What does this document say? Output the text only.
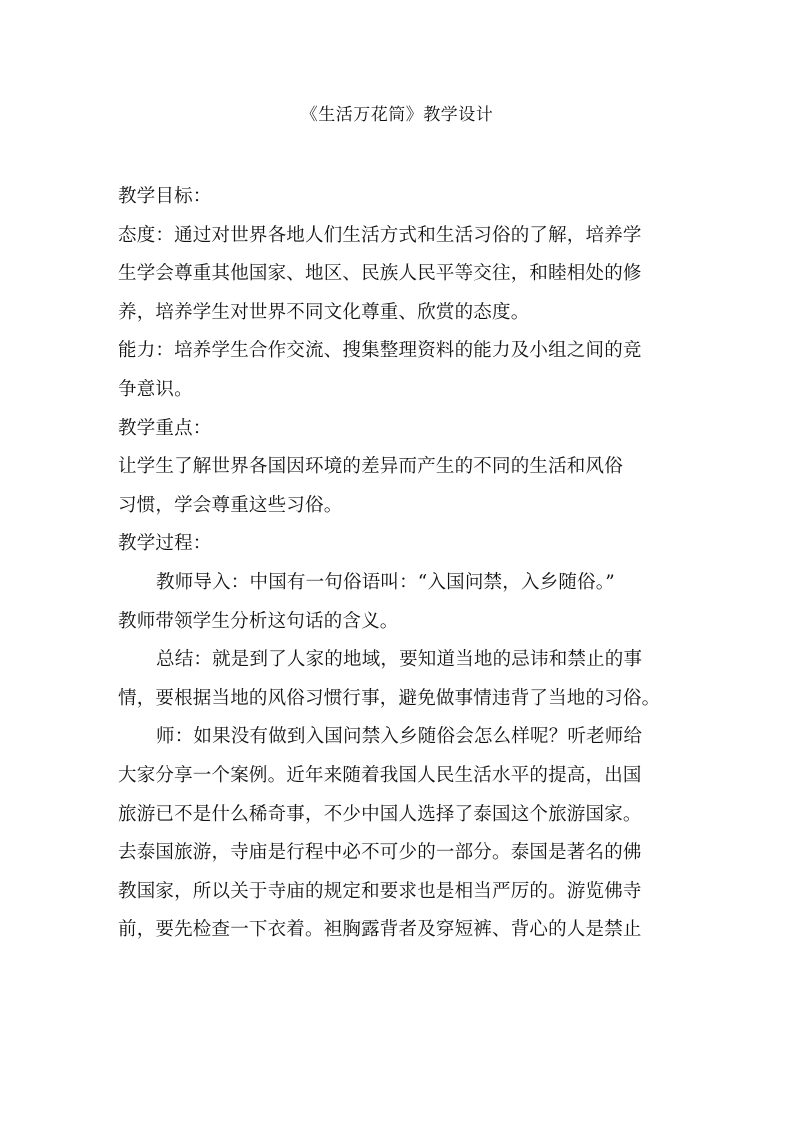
《生活万花筒》教学设计
教学目标：
态度：通过对世界各地人们生活方式和生活习俗的了解，培养学
生学会尊重其他国家、地区、民族人民平等交往，和睦相处的修
养，培养学生对世界不同文化尊重、欣赏的态度。
能力：培养学生合作交流、搜集整理资料的能力及小组之间的竞
争意识。
教学重点：
让学生了解世界各国因环境的差异而产生的不同的生活和风俗
习惯，学会尊重这些习俗。
教学过程：
教师导入：中国有一句俗语叫：“入国问禁，入乡随俗。”
教师带领学生分析这句话的含义。
总结：就是到了人家的地域，要知道当地的忌讳和禁止的事
情，要根据当地的风俗习惯行事，避免做事情违背了当地的习俗。
师：如果没有做到入国问禁入乡随俗会怎么样呢？听老师给
大家分享一个案例。近年来随着我国人民生活水平的提高，出国
旅游已不是什么稀奇事，不少中国人选择了泰国这个旅游国家。
去泰国旅游，寺庙是行程中必不可少的一部分。泰国是著名的佛
教国家，所以关于寺庙的规定和要求也是相当严厉的。游览佛寺
前，要先检查一下衣着。袒胸露背者及穿短裤、背心的人是禁止
